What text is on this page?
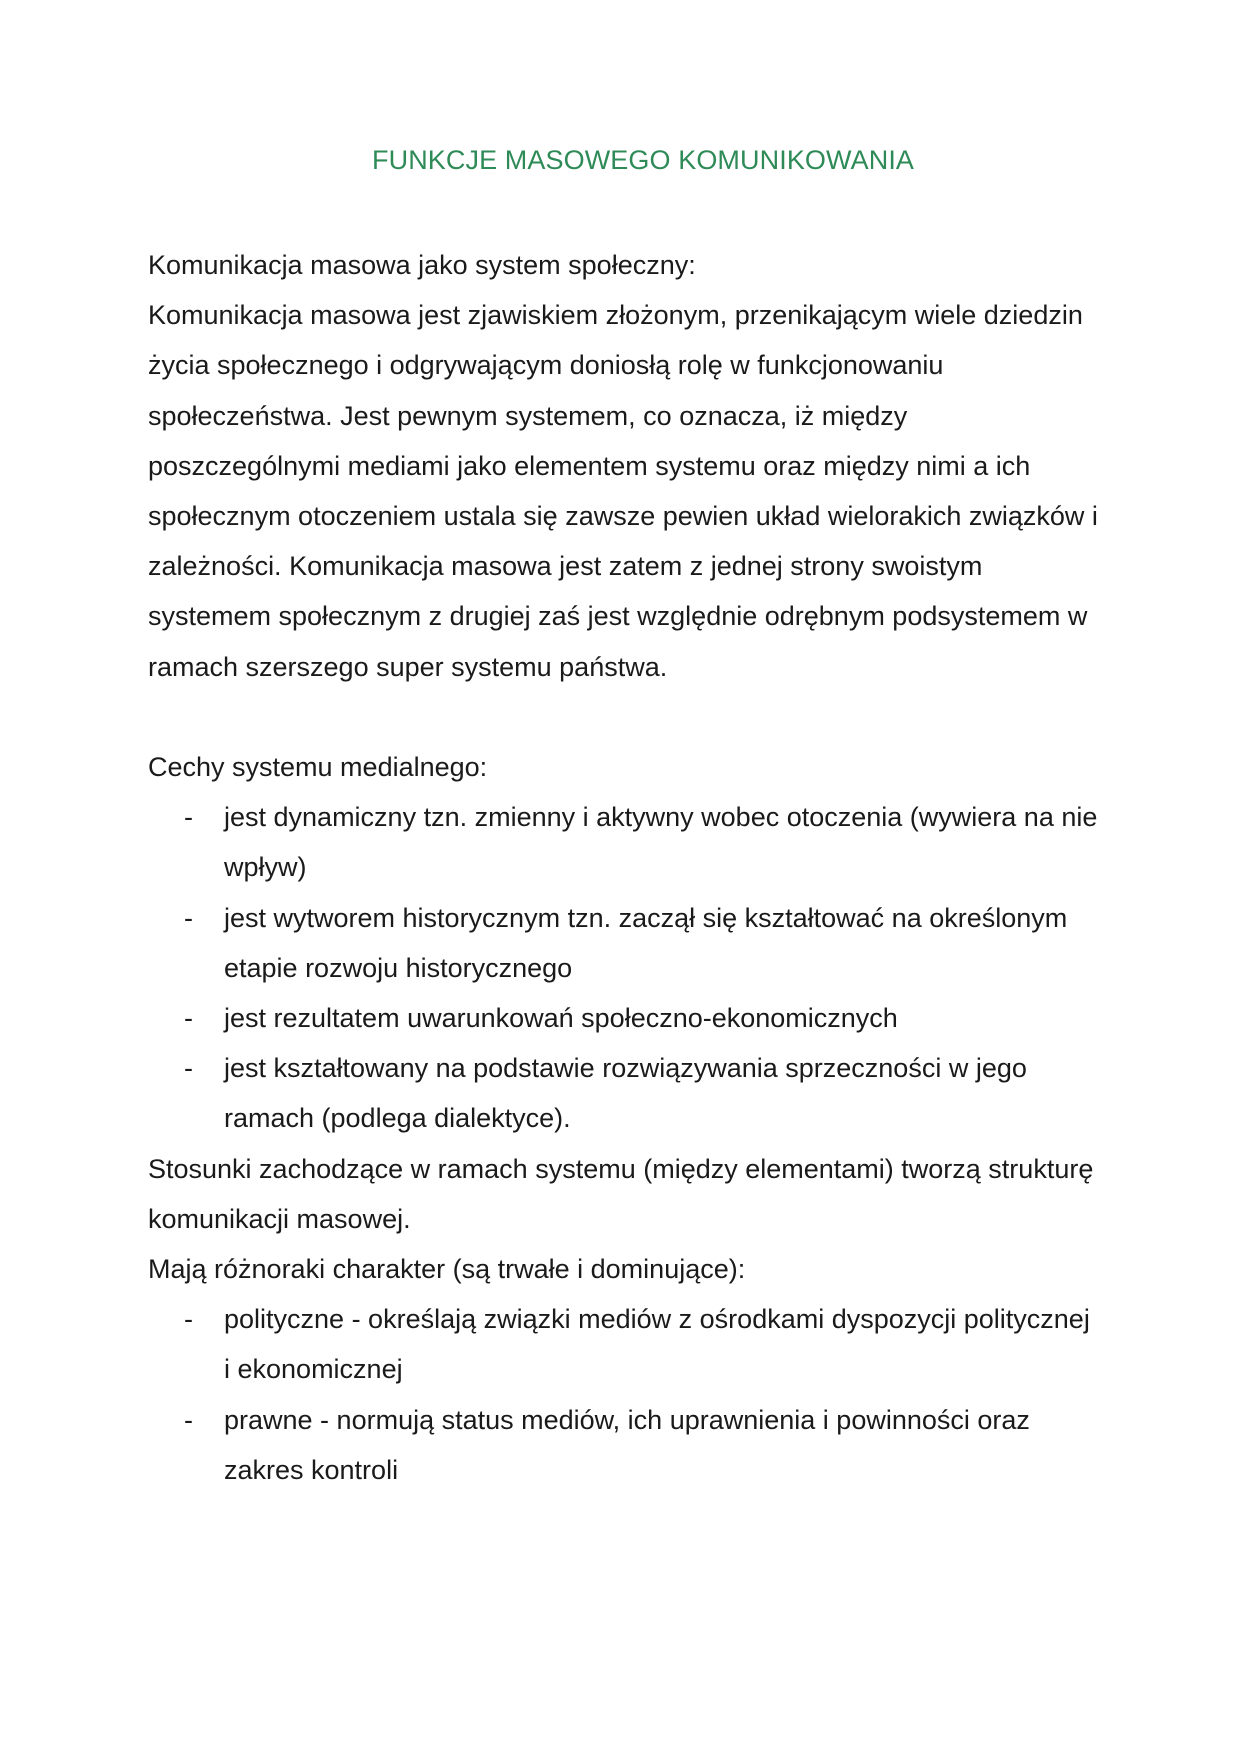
FUNKCJE MASOWEGO KOMUNIKOWANIA

Komunikacja masowa jako system społeczny:

Komunikacja masowa jest zjawiskiem złożonym, przenikającym wiele dziedzin życia społecznego i odgrywającym doniosłą rolę w funkcjonowaniu społeczeństwa. Jest pewnym systemem, co oznacza, iż między poszczególnymi mediami jako elementem systemu oraz między nimi a ich społecznym otoczeniem ustala się zawsze pewien układ wielorakich związków i zależności. Komunikacja masowa jest zatem z jednej strony swoistym systemem społecznym z drugiej zaś jest względnie odrębnym podsystemem w ramach szerszego super systemu państwa.

Cechy systemu medialnego:

- jest dynamiczny tzn. zmienny i aktywny wobec otoczenia (wywiera na nie wpływ)
- jest wytworem historycznym tzn. zaczął się kształtować na określonym etapie rozwoju historycznego
- jest rezultatem uwarunkowań społeczno-ekonomicznych
- jest kształtowany na podstawie rozwiązywania sprzeczności w jego ramach (podlega dialektyce).

Stosunki zachodzące w ramach systemu (między elementami) tworzą strukturę komunikacji masowej.

Mają różnoraki charakter (są trwałe i dominujące):

- polityczne - określają związki mediów z ośrodkami dyspozycji politycznej i ekonomicznej
- prawne - normują status mediów, ich uprawnienia i powinności oraz zakres kontroli
